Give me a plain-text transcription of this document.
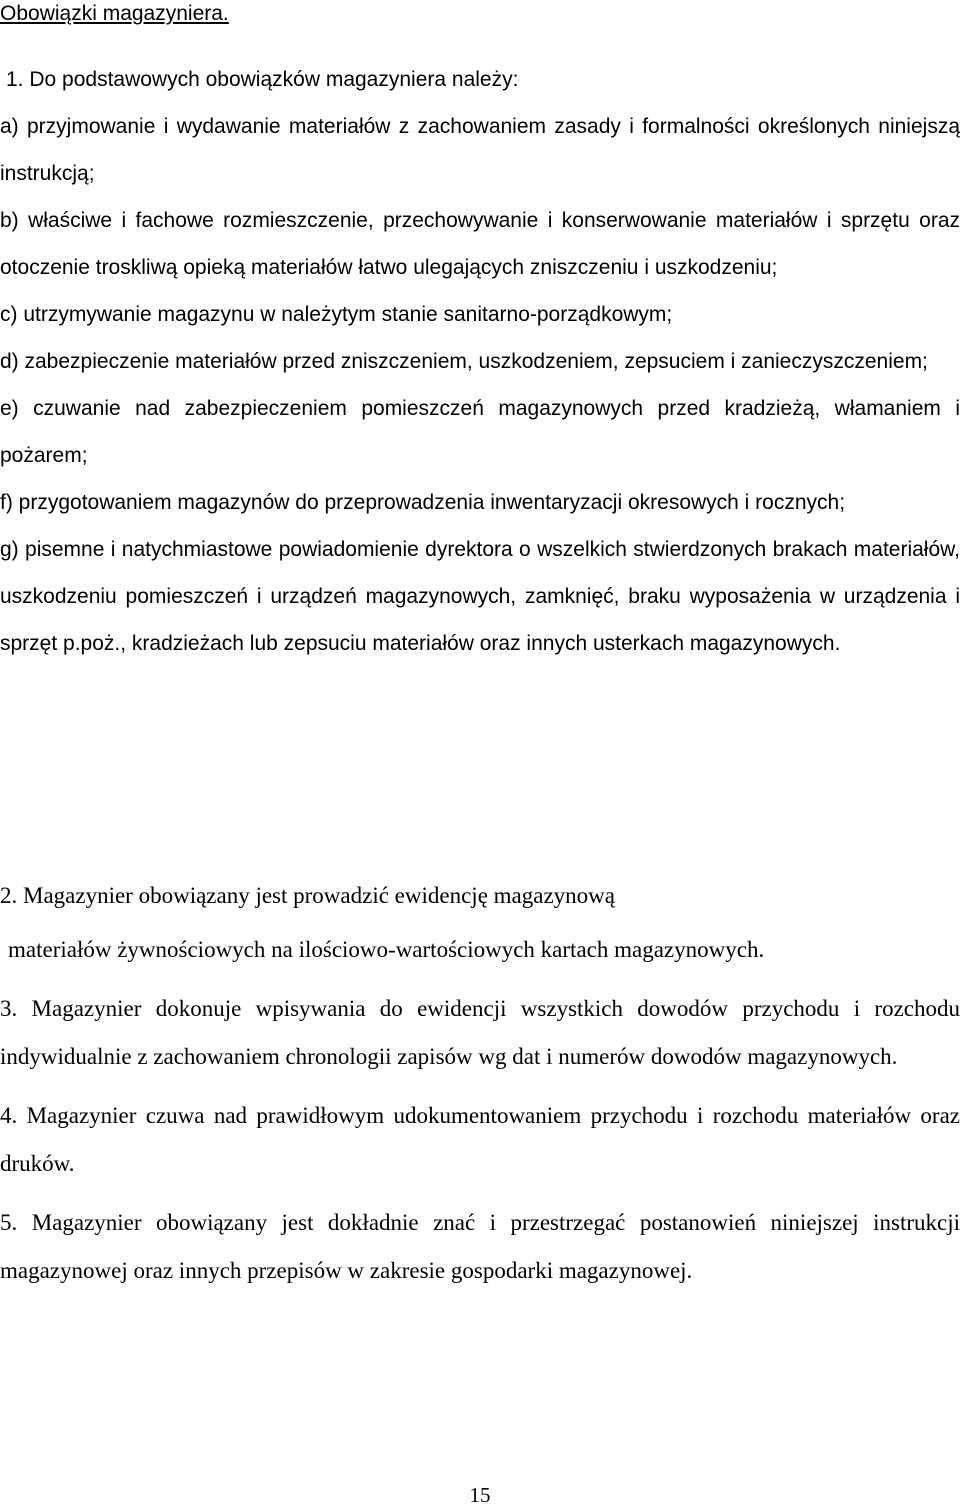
Obowiązki magazyniera.

1. Do podstawowych obowiązków magazyniera należy:

a) przyjmowanie i wydawanie materiałów z zachowaniem zasady i formalności określonych niniejszą instrukcją;

b) właściwe i fachowe rozmieszczenie, przechowywanie i konserwowanie materiałów i sprzętu oraz otoczenie troskliwą opieką materiałów łatwo ulegających zniszczeniu i uszkodzeniu;

c) utrzymywanie magazynu w należytym stanie sanitarno-porządkowym;

d) zabezpieczenie materiałów przed zniszczeniem, uszkodzeniem, zepsuciem i zanieczyszczeniem;

e) czuwanie nad zabezpieczeniem pomieszczeń magazynowych przed kradzieżą, włamaniem i pożarem;

f) przygotowaniem magazynów do przeprowadzenia inwentaryzacji okresowych i rocznych;

g) pisemne i natychmiastowe powiadomienie dyrektora o wszelkich stwierdzonych brakach materiałów, uszkodzeniu pomieszczeń i urządzeń magazynowych, zamknięć, braku wyposażenia w urządzenia i sprzęt p.poż., kradzieżach lub zepsuciu materiałów oraz innych usterkach magazynowych.

2. Magazynier obowiązany jest prowadzić ewidencję magazynową

materiałów żywnościowych na ilościowo-wartościowych kartach magazynowych.

3. Magazynier dokonuje wpisywania do ewidencji wszystkich dowodów przychodu i rozchodu indywidualnie z zachowaniem chronologii zapisów wg dat i numerów dowodów magazynowych.

4. Magazynier czuwa nad prawidłowym udokumentowaniem przychodu i rozchodu materiałów oraz druków.

5. Magazynier obowiązany jest dokładnie znać i przestrzegać postanowień niniejszej instrukcji magazynowej oraz innych przepisów w zakresie gospodarki magazynowej.

15
